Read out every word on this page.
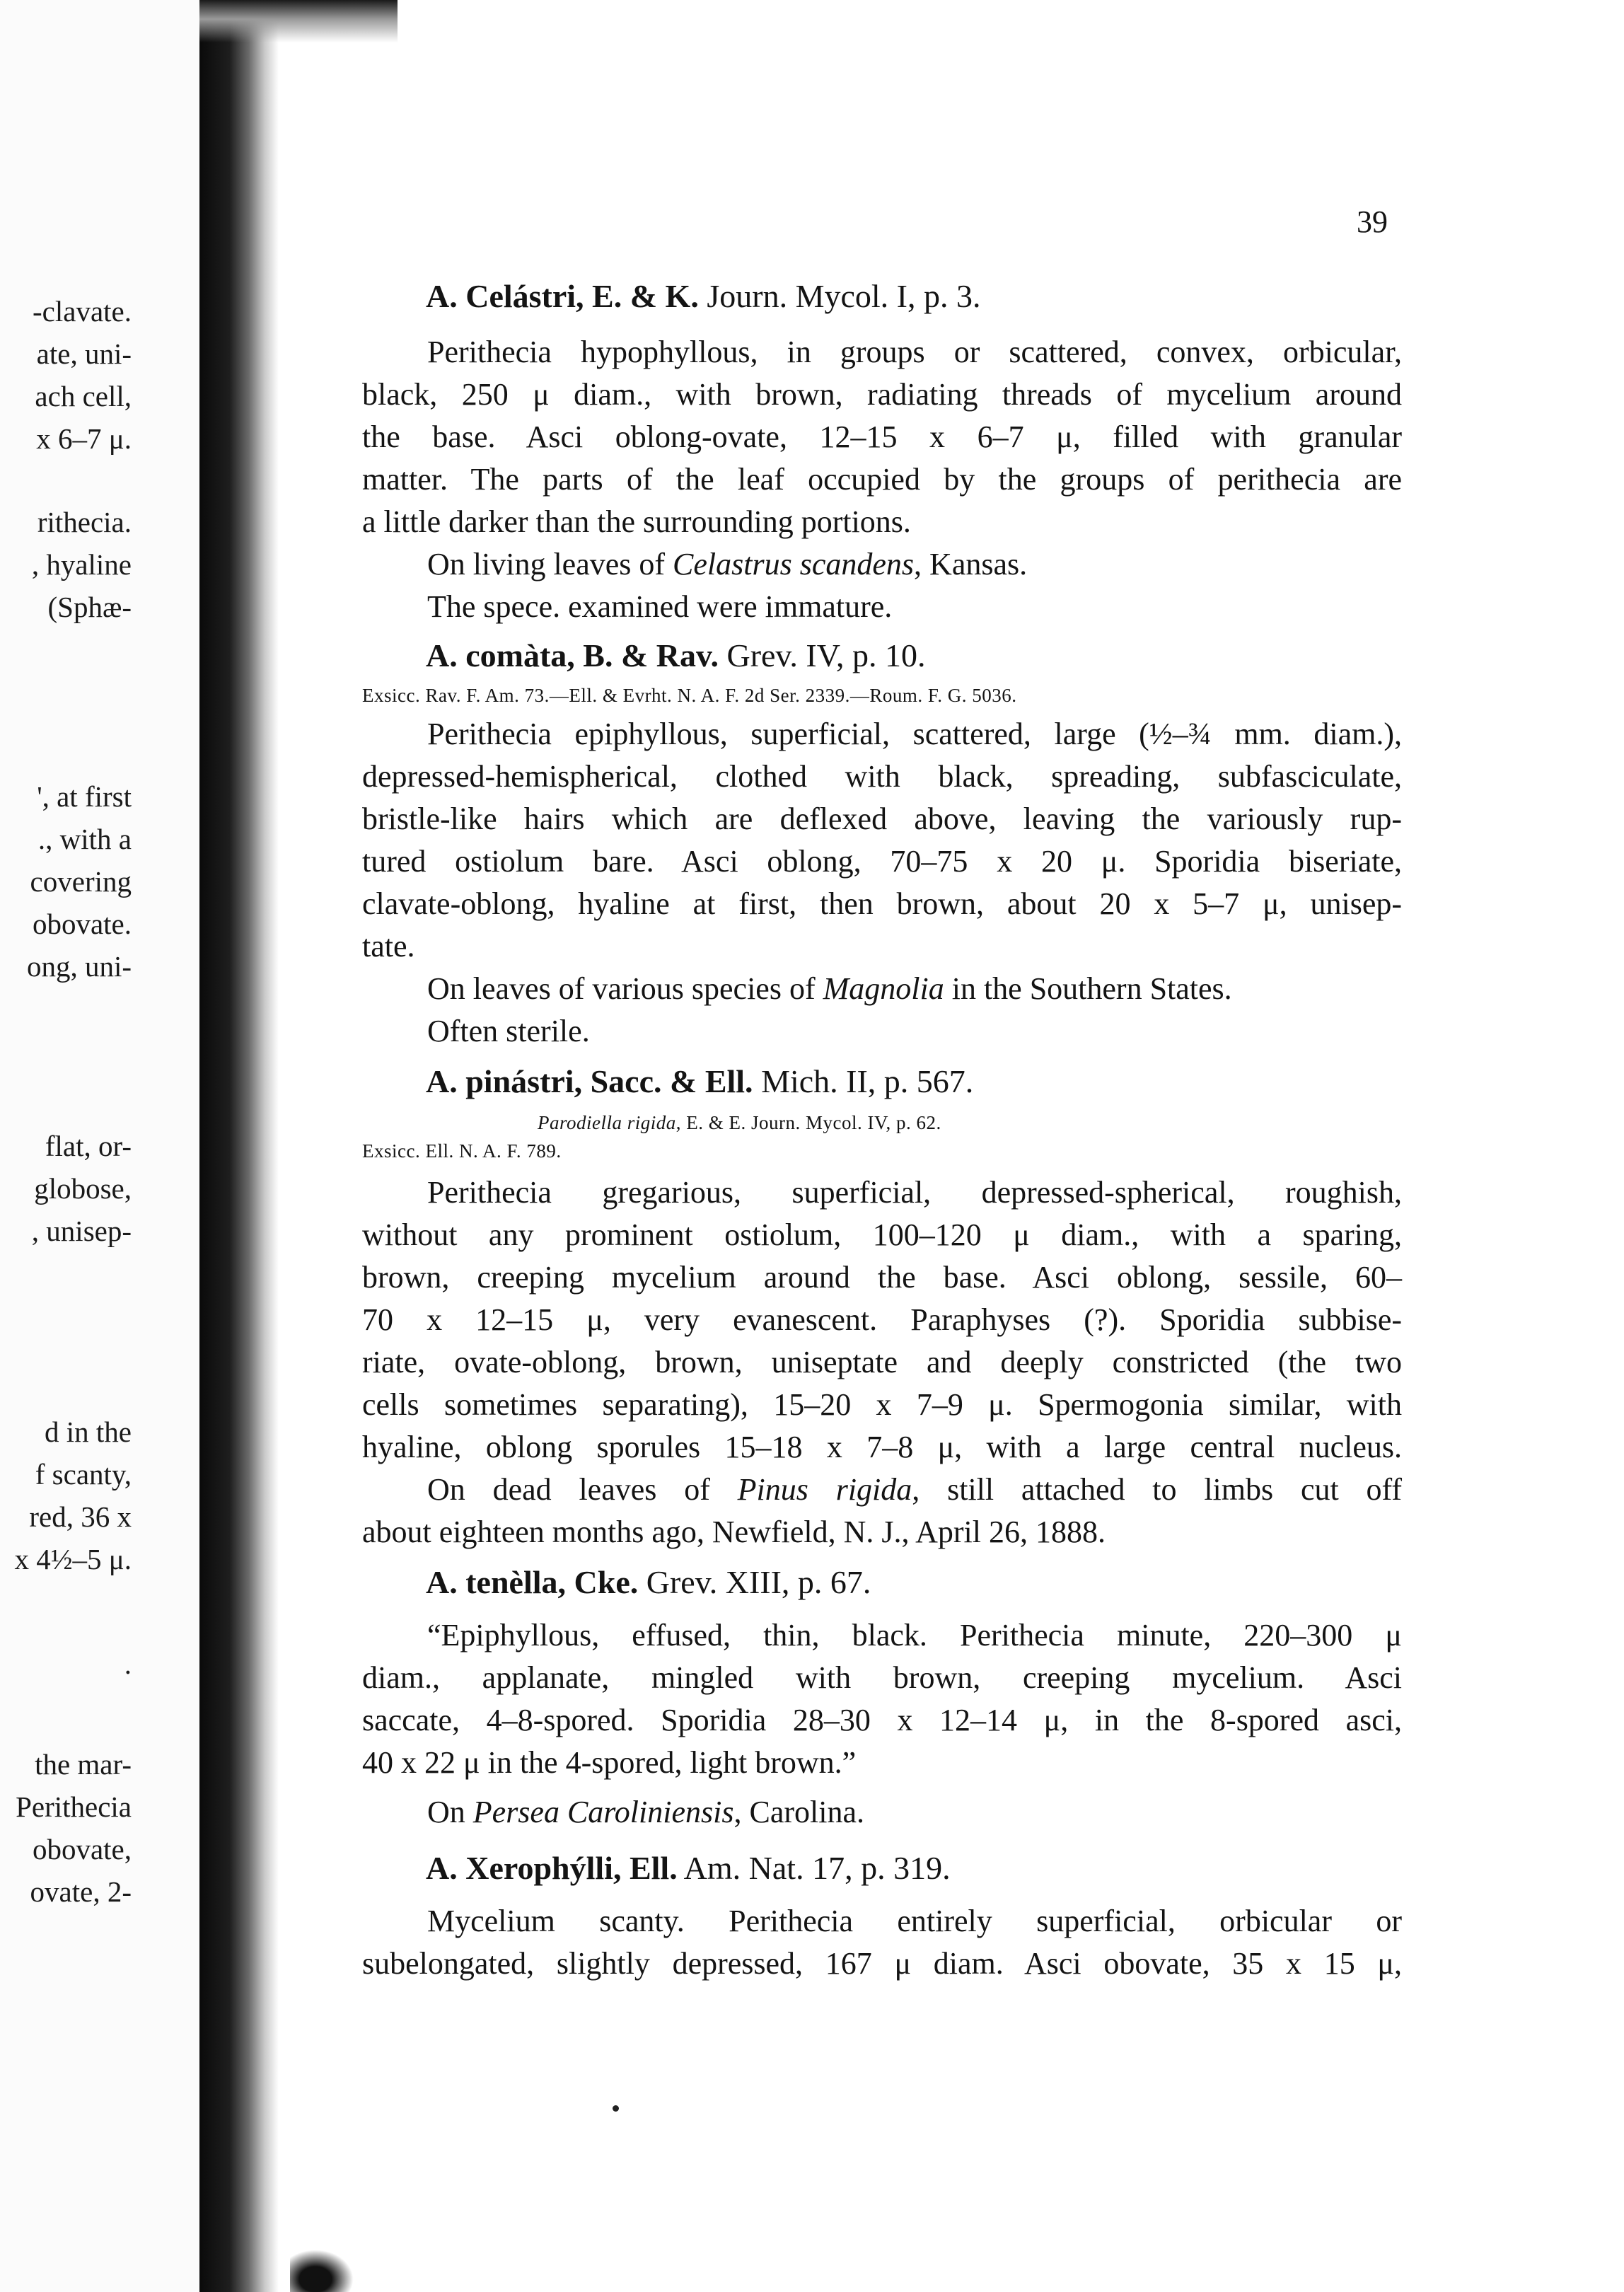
-clavate.
ate, uni-
ach cell,
x 6–7 μ.
rithecia.
, hyaline
(Sphæ-
', at first
., with a
covering
obovate.
ong, uni-
flat, or-
globose,
, unisep-
d in the
f scanty,
red, 36 x
x 4½–5 μ.
.
the mar-
Perithecia
obovate,
ovate, 2-
39
A. Celástri, E. & K. Journ. Mycol. I, p. 3.
Perithecia hypophyllous, in groups or scattered, convex, orbicular,
black, 250 μ diam., with brown, radiating threads of mycelium around
the base. Asci oblong-ovate, 12–15 x 6–7 μ, filled with granular
matter. The parts of the leaf occupied by the groups of perithecia are
a little darker than the surrounding portions.
On living leaves of Celastrus scandens, Kansas.
The spece. examined were immature.
A. comàta, B. & Rav. Grev. IV, p. 10.
Exsicc. Rav. F. Am. 73.—Ell. & Evrht. N. A. F. 2d Ser. 2339.—Roum. F. G. 5036.
Perithecia epiphyllous, superficial, scattered, large (½–¾ mm. diam.),
depressed-hemispherical, clothed with black, spreading, subfasciculate,
bristle-like hairs which are deflexed above, leaving the variously rup-
tured ostiolum bare. Asci oblong, 70–75 x 20 μ. Sporidia biseriate,
clavate-oblong, hyaline at first, then brown, about 20 x 5–7 μ, unisep-
tate.
On leaves of various species of Magnolia in the Southern States.
Often sterile.
A. pinástri, Sacc. & Ell. Mich. II, p. 567.
Parodiella rigida, E. & E. Journ. Mycol. IV, p. 62.
Exsicc. Ell. N. A. F. 789.
Perithecia gregarious, superficial, depressed-spherical, roughish,
without any prominent ostiolum, 100–120 μ diam., with a sparing,
brown, creeping mycelium around the base. Asci oblong, sessile, 60–
70 x 12–15 μ, very evanescent. Paraphyses (?). Sporidia subbise-
riate, ovate-oblong, brown, uniseptate and deeply constricted (the two
cells sometimes separating), 15–20 x 7–9 μ. Spermogonia similar, with
hyaline, oblong sporules 15–18 x 7–8 μ, with a large central nucleus.
On dead leaves of Pinus rigida, still attached to limbs cut off
about eighteen months ago, Newfield, N. J., April 26, 1888.
A. tenèlla, Cke. Grev. XIII, p. 67.
“Epiphyllous, effused, thin, black. Perithecia minute, 220–300 μ
diam., applanate, mingled with brown, creeping mycelium. Asci
saccate, 4–8-spored. Sporidia 28–30 x 12–14 μ, in the 8-spored asci,
40 x 22 μ in the 4-spored, light brown.”
On Persea Caroliniensis, Carolina.
A. Xerophýlli, Ell. Am. Nat. 17, p. 319.
Mycelium scanty. Perithecia entirely superficial, orbicular or
subelongated, slightly depressed, 167 μ diam. Asci obovate, 35 x 15 μ,
